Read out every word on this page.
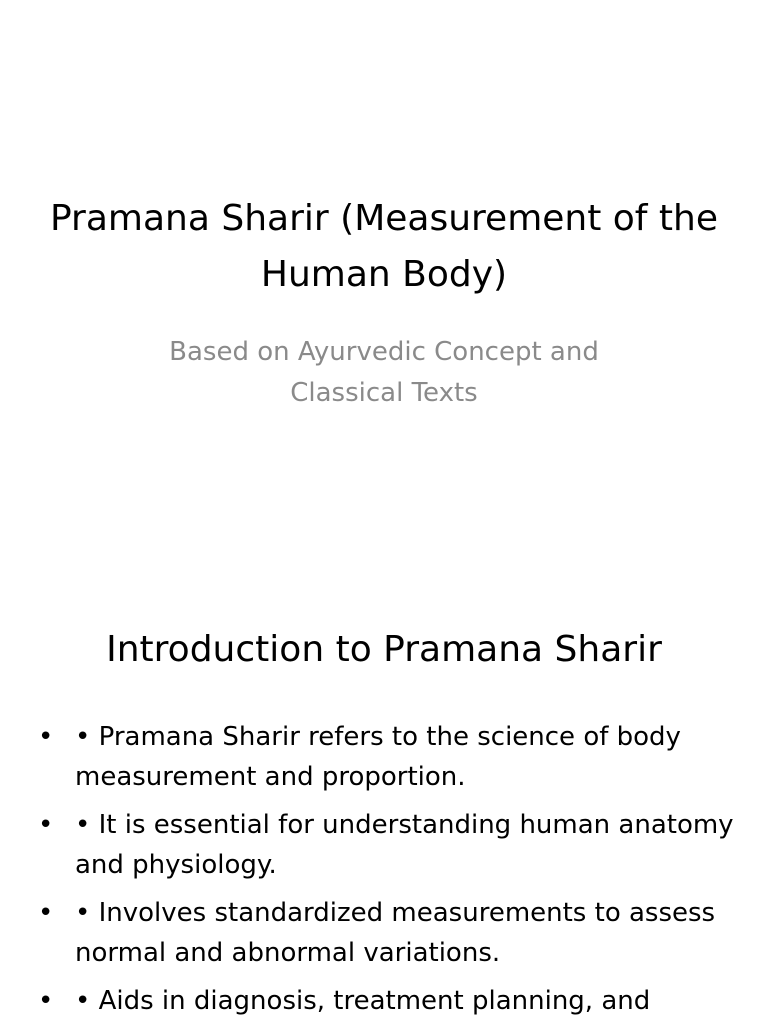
Pramana Sharir (Measurement of the Human Body)

Based on Ayurvedic Concept and Classical Texts

Introduction to Pramana Sharir
• • Pramana Sharir refers to the science of body measurement and proportion.
• • It is essential for understanding human anatomy and physiology.
• • Involves standardized measurements to assess normal and abnormal variations.
• • Aids in diagnosis, treatment planning, and
